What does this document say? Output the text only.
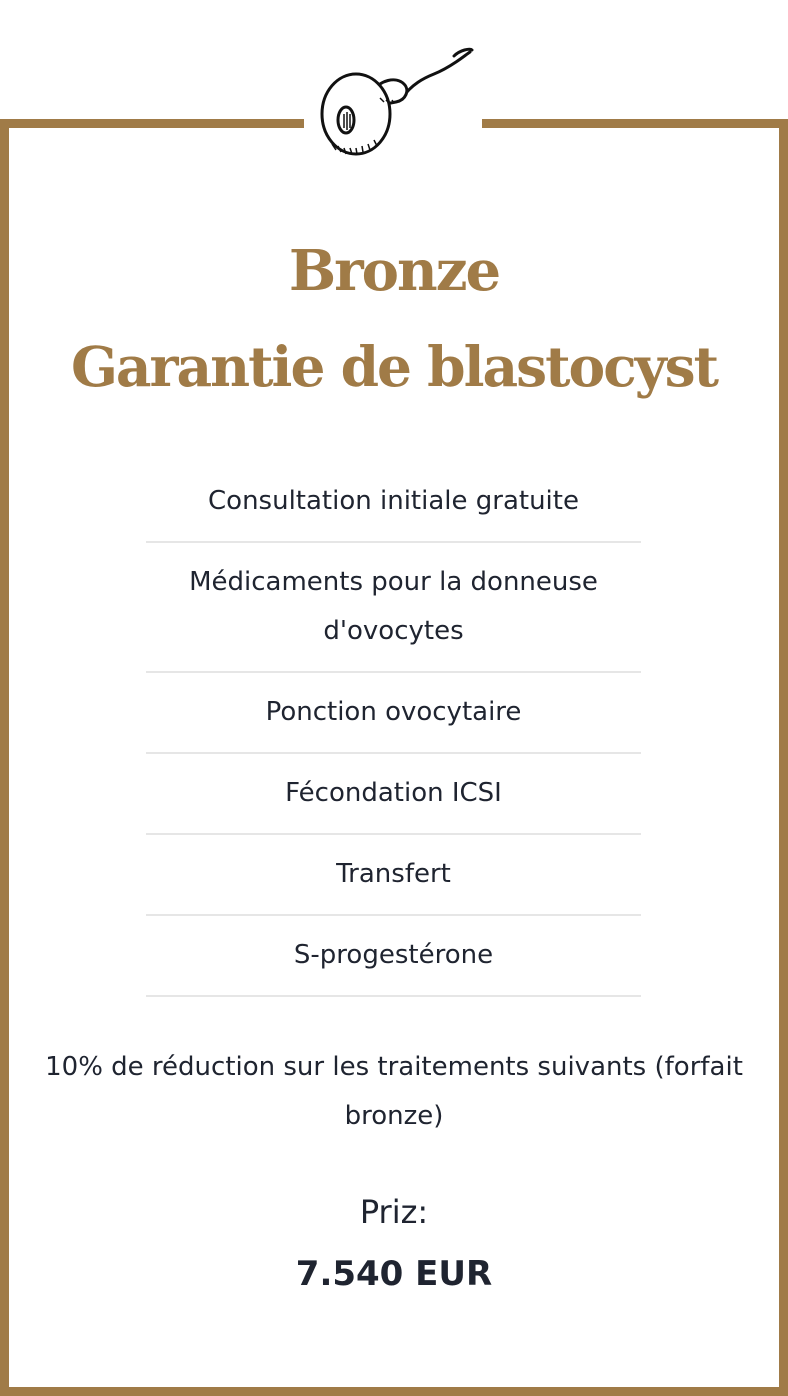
Bronze
Garantie de blastocyst
Consultation initiale gratuite
Médicaments pour la donneuse d'ovocytes
Ponction ovocytaire
Fécondation ICSI
Transfert
S-progestérone

10% de réduction sur les traitements suivants (forfait bronze)

Priz:

7.540 EUR
